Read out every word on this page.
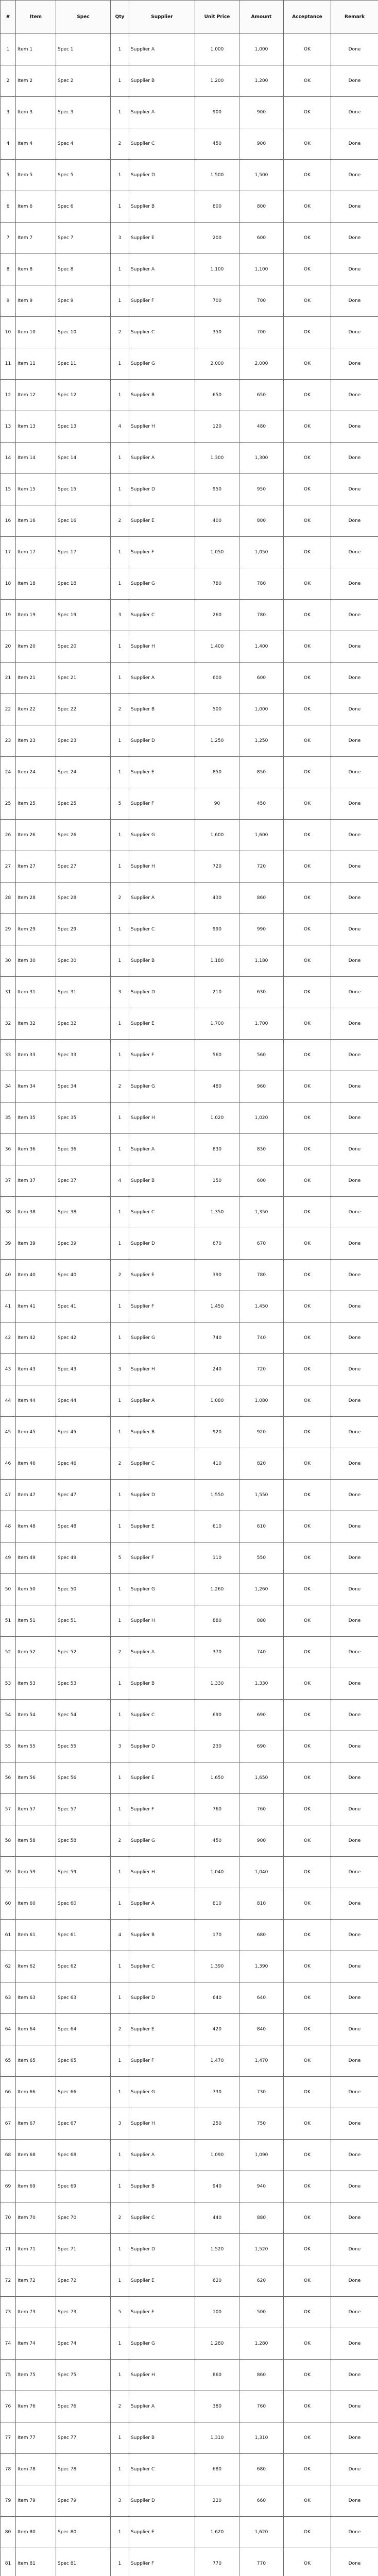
#	Item	Spec	Qty	Supplier	Unit Price	Amount	Acceptance	Remark
1	Item 1	Spec 1	1	Supplier A	1,000	1,000	OK	Done
2	Item 2	Spec 2	1	Supplier B	1,200	1,200	OK	Done
3	Item 3	Spec 3	1	Supplier A	900	900	OK	Done
4	Item 4	Spec 4	2	Supplier C	450	900	OK	Done
5	Item 5	Spec 5	1	Supplier D	1,500	1,500	OK	Done
6	Item 6	Spec 6	1	Supplier B	800	800	OK	Done
7	Item 7	Spec 7	3	Supplier E	200	600	OK	Done
8	Item 8	Spec 8	1	Supplier A	1,100	1,100	OK	Done
9	Item 9	Spec 9	1	Supplier F	700	700	OK	Done
10	Item 10	Spec 10	2	Supplier C	350	700	OK	Done
11	Item 11	Spec 11	1	Supplier G	2,000	2,000	OK	Done
12	Item 12	Spec 12	1	Supplier B	650	650	OK	Done
13	Item 13	Spec 13	4	Supplier H	120	480	OK	Done
14	Item 14	Spec 14	1	Supplier A	1,300	1,300	OK	Done
15	Item 15	Spec 15	1	Supplier D	950	950	OK	Done
16	Item 16	Spec 16	2	Supplier E	400	800	OK	Done
17	Item 17	Spec 17	1	Supplier F	1,050	1,050	OK	Done
18	Item 18	Spec 18	1	Supplier G	780	780	OK	Done
19	Item 19	Spec 19	3	Supplier C	260	780	OK	Done
20	Item 20	Spec 20	1	Supplier H	1,400	1,400	OK	Done
21	Item 21	Spec 21	1	Supplier A	600	600	OK	Done
22	Item 22	Spec 22	2	Supplier B	500	1,000	OK	Done
23	Item 23	Spec 23	1	Supplier D	1,250	1,250	OK	Done
24	Item 24	Spec 24	1	Supplier E	850	850	OK	Done
25	Item 25	Spec 25	5	Supplier F	90	450	OK	Done
26	Item 26	Spec 26	1	Supplier G	1,600	1,600	OK	Done
27	Item 27	Spec 27	1	Supplier H	720	720	OK	Done
28	Item 28	Spec 28	2	Supplier A	430	860	OK	Done
29	Item 29	Spec 29	1	Supplier C	990	990	OK	Done
30	Item 30	Spec 30	1	Supplier B	1,180	1,180	OK	Done
31	Item 31	Spec 31	3	Supplier D	210	630	OK	Done
32	Item 32	Spec 32	1	Supplier E	1,700	1,700	OK	Done
33	Item 33	Spec 33	1	Supplier F	560	560	OK	Done
34	Item 34	Spec 34	2	Supplier G	480	960	OK	Done
35	Item 35	Spec 35	1	Supplier H	1,020	1,020	OK	Done
36	Item 36	Spec 36	1	Supplier A	830	830	OK	Done
37	Item 37	Spec 37	4	Supplier B	150	600	OK	Done
38	Item 38	Spec 38	1	Supplier C	1,350	1,350	OK	Done
39	Item 39	Spec 39	1	Supplier D	670	670	OK	Done
40	Item 40	Spec 40	2	Supplier E	390	780	OK	Done
41	Item 41	Spec 41	1	Supplier F	1,450	1,450	OK	Done
42	Item 42	Spec 42	1	Supplier G	740	740	OK	Done
43	Item 43	Spec 43	3	Supplier H	240	720	OK	Done
44	Item 44	Spec 44	1	Supplier A	1,080	1,080	OK	Done
45	Item 45	Spec 45	1	Supplier B	920	920	OK	Done
46	Item 46	Spec 46	2	Supplier C	410	820	OK	Done
47	Item 47	Spec 47	1	Supplier D	1,550	1,550	OK	Done
48	Item 48	Spec 48	1	Supplier E	610	610	OK	Done
49	Item 49	Spec 49	5	Supplier F	110	550	OK	Done
50	Item 50	Spec 50	1	Supplier G	1,260	1,260	OK	Done
51	Item 51	Spec 51	1	Supplier H	880	880	OK	Done
52	Item 52	Spec 52	2	Supplier A	370	740	OK	Done
53	Item 53	Spec 53	1	Supplier B	1,330	1,330	OK	Done
54	Item 54	Spec 54	1	Supplier C	690	690	OK	Done
55	Item 55	Spec 55	3	Supplier D	230	690	OK	Done
56	Item 56	Spec 56	1	Supplier E	1,650	1,650	OK	Done
57	Item 57	Spec 57	1	Supplier F	760	760	OK	Done
58	Item 58	Spec 58	2	Supplier G	450	900	OK	Done
59	Item 59	Spec 59	1	Supplier H	1,040	1,040	OK	Done
60	Item 60	Spec 60	1	Supplier A	810	810	OK	Done
61	Item 61	Spec 61	4	Supplier B	170	680	OK	Done
62	Item 62	Spec 62	1	Supplier C	1,390	1,390	OK	Done
63	Item 63	Spec 63	1	Supplier D	640	640	OK	Done
64	Item 64	Spec 64	2	Supplier E	420	840	OK	Done
65	Item 65	Spec 65	1	Supplier F	1,470	1,470	OK	Done
66	Item 66	Spec 66	1	Supplier G	730	730	OK	Done
67	Item 67	Spec 67	3	Supplier H	250	750	OK	Done
68	Item 68	Spec 68	1	Supplier A	1,090	1,090	OK	Done
69	Item 69	Spec 69	1	Supplier B	940	940	OK	Done
70	Item 70	Spec 70	2	Supplier C	440	880	OK	Done
71	Item 71	Spec 71	1	Supplier D	1,520	1,520	OK	Done
72	Item 72	Spec 72	1	Supplier E	620	620	OK	Done
73	Item 73	Spec 73	5	Supplier F	100	500	OK	Done
74	Item 74	Spec 74	1	Supplier G	1,280	1,280	OK	Done
75	Item 75	Spec 75	1	Supplier H	860	860	OK	Done
76	Item 76	Spec 76	2	Supplier A	380	760	OK	Done
77	Item 77	Spec 77	1	Supplier B	1,310	1,310	OK	Done
78	Item 78	Spec 78	1	Supplier C	680	680	OK	Done
79	Item 79	Spec 79	3	Supplier D	220	660	OK	Done
80	Item 80	Spec 80	1	Supplier E	1,620	1,620	OK	Done
81	Item 81	Spec 81	1	Supplier F	770	770	OK	Done
